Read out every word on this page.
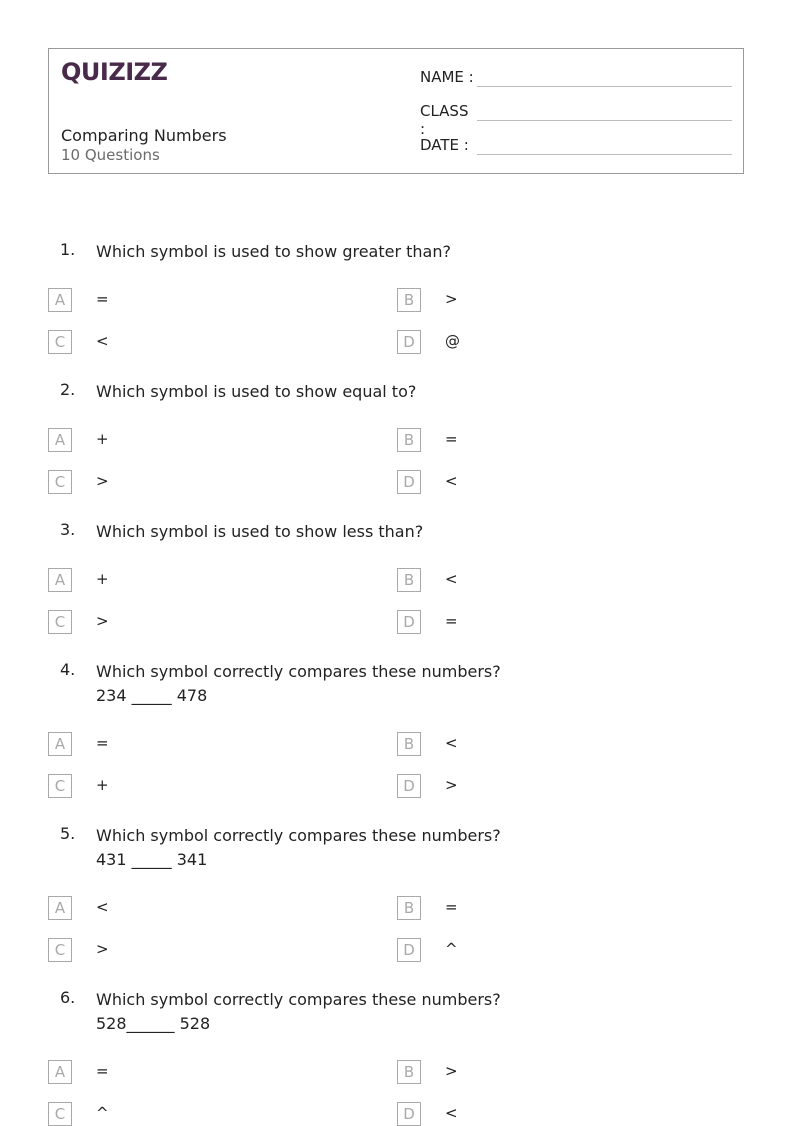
QUIZIZZ
Comparing Numbers
10 Questions
NAME :
CLASS :
DATE :
1. Which symbol is used to show greater than?
A	=	B	>
C	<	D	@
2. Which symbol is used to show equal to?
A	+	B	=
C	>	D	<
3. Which symbol is used to show less than?
A	+	B	<
C	>	D	=
4. Which symbol correctly compares these numbers?
234 _____ 478
A	=	B	<
C	+	D	>
5. Which symbol correctly compares these numbers?
431 _____ 341
A	<	B	=
C	>	D	^
6. Which symbol correctly compares these numbers?
528______ 528
A	=	B	>
C	^	D	<
